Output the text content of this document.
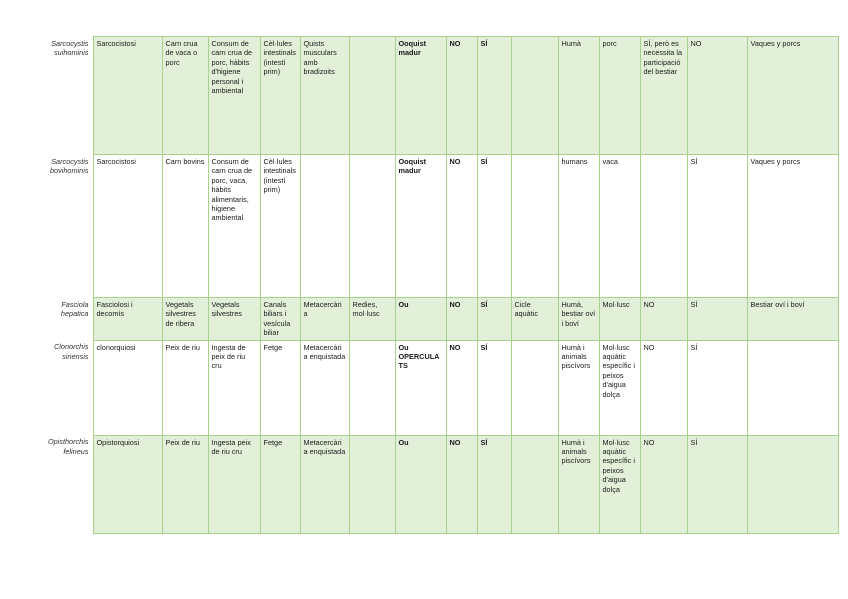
Sarcocystis suihominis	Sarcocistosi	Carn crua de vaca o porc	Consum de carn crua de porc, hàbits d'higiene personal i ambiental	Cèl·lules intestinals (intestí prim)	Quists musculars amb bradizoits		Ooquist madur	NO	SÍ		Humà	porc	SÍ, però es necessita la participació del bestiar	NO	Vaques y porcs
Sarcocystis bovihominis	Sarcocistosi	Carn bovins	Consum de carn crua de porc, vaca, hàbits alimentaris, higiene ambiental	Cèl·lules intestinals (intestí prim)			Ooquist madur	NO	SÍ		humans	vaca		SÍ	Vaques y porcs
Fasciola hepatica	Fasciolosi i decomís	Vegetals silvestres de ribera	Vegetals silvestres	Canals biliars i vesícula biliar	Metacercària	Redies, mol·lusc	Ou	NO	SÍ	Cicle aquàtic	Humà, bestiar oví i boví	Mol·lusc	NO	SÍ	Bestiar oví i boví
Clonorchis sinensis	clonorquiosi	Peix de riu	Ingesta de peix de riu cru	Fetge	Metacercària enquistada		Ou OPERCULATS	NO	SÍ		Humà i animals piscívors	Mol·lusc aquàtic específic i peixos d'aigua dolça	NO	SÍ	
Opisthorchis felineus	Opistorquiosi	Peix de riu	Ingesta peix de riu cru	Fetge	Metacercària enquistada		Ou	NO	SÍ		Humà i animals piscívors	Mol·lusc aquàtic específic i peixos d'aigua dolça	NO	SÍ	
